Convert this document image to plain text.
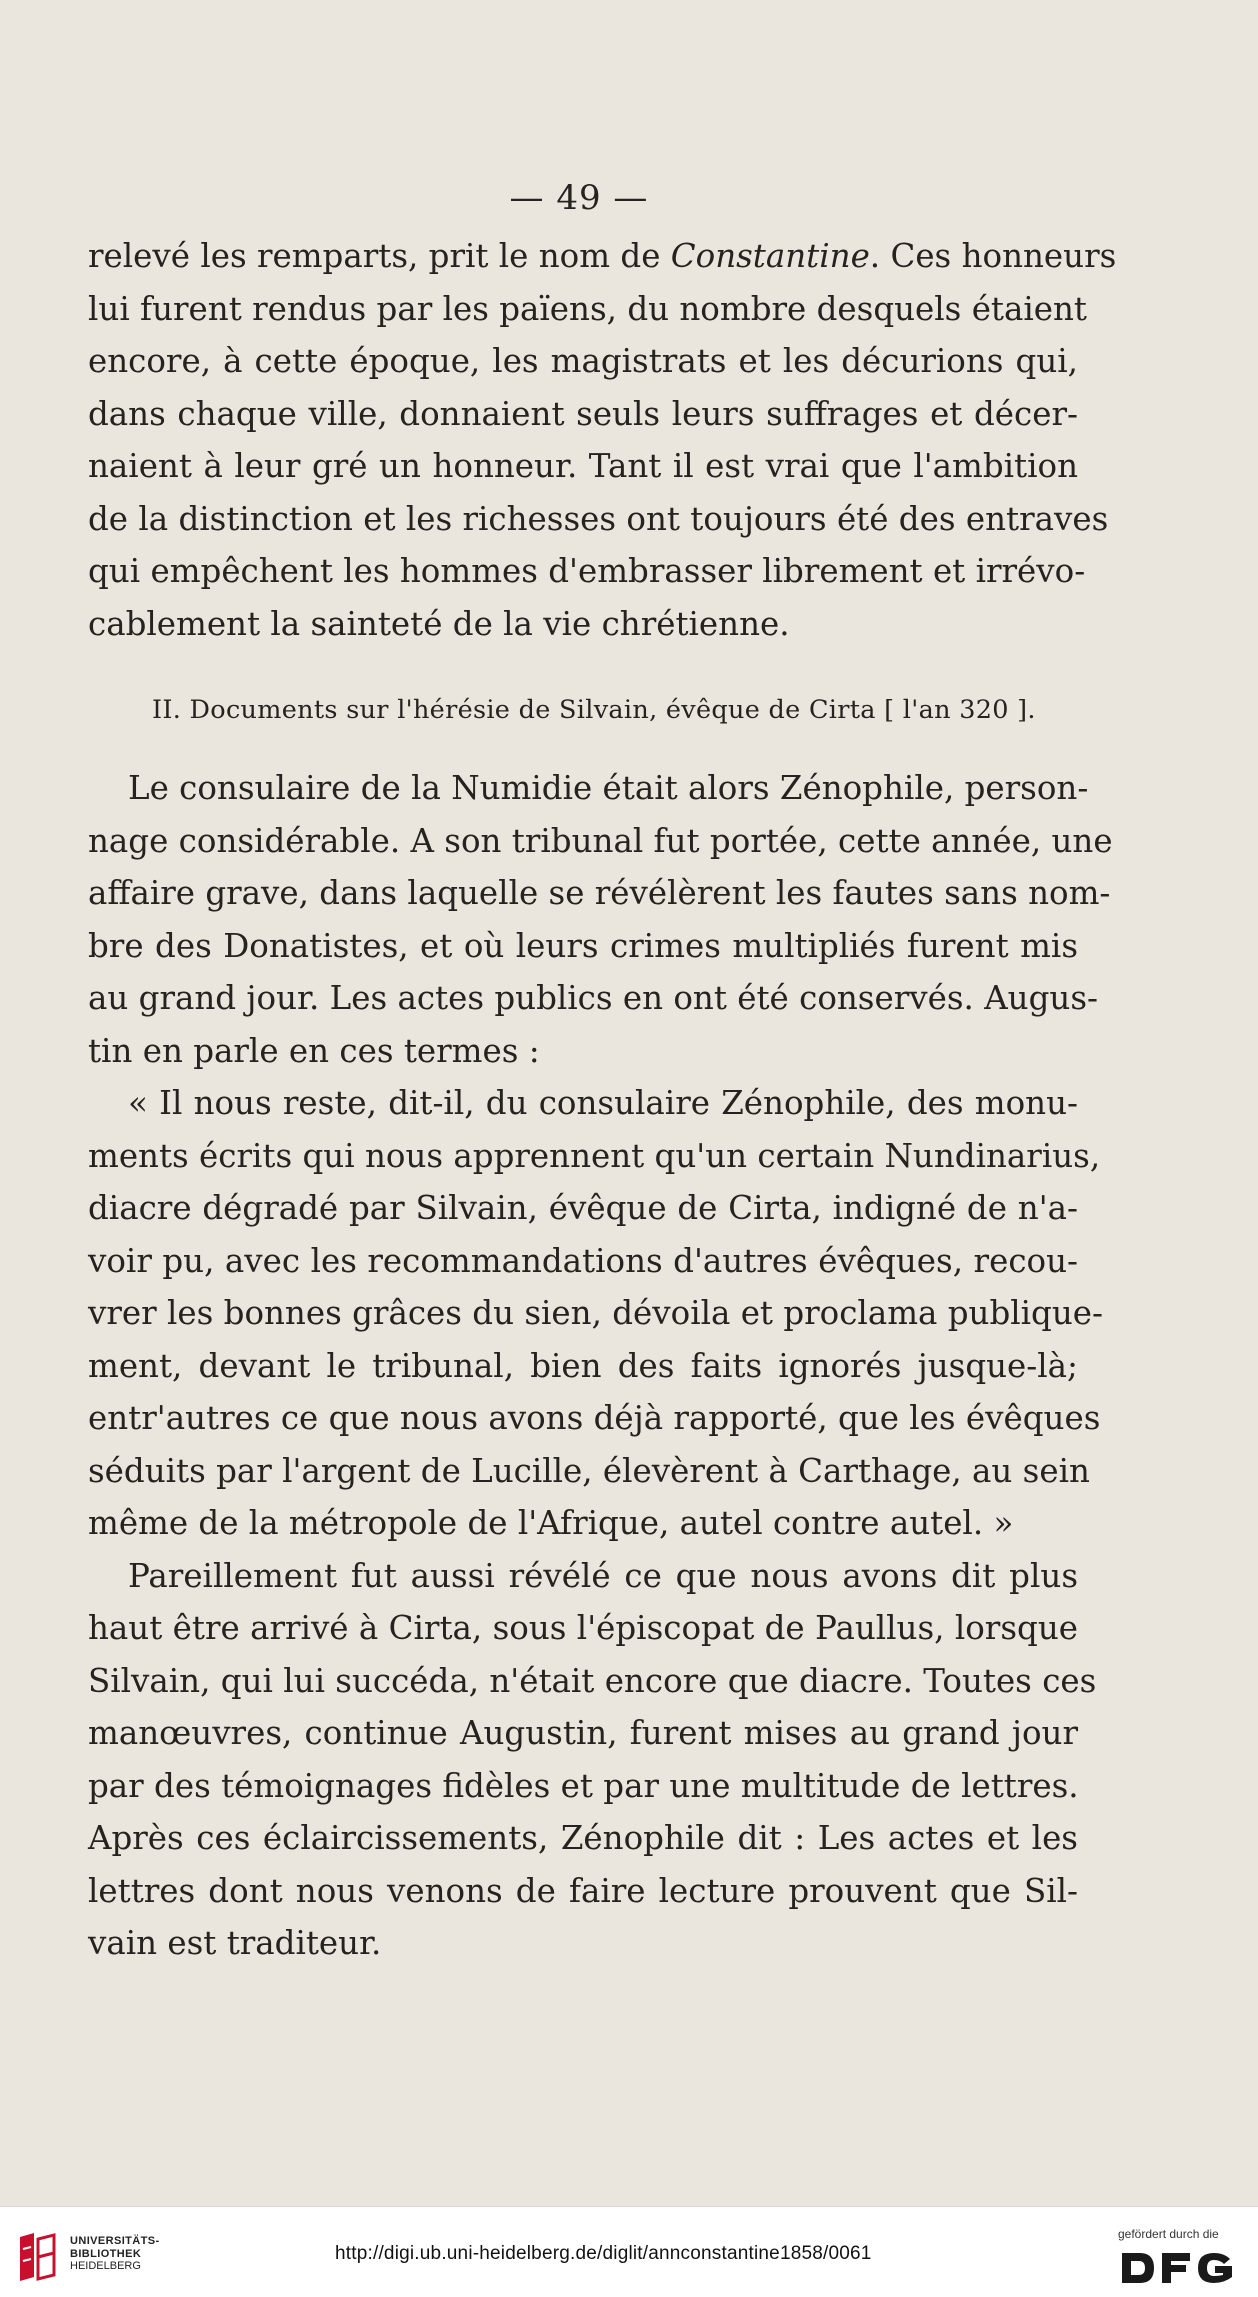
— 49 —
relevé les remparts, prit le nom de Constantine. Ces honneurs
lui furent rendus par les païens, du nombre desquels étaient
encore, à cette époque, les magistrats et les décurions qui,
dans chaque ville, donnaient seuls leurs suffrages et décer-
naient à leur gré un honneur. Tant il est vrai que l'ambition
de la distinction et les richesses ont toujours été des entraves
qui empêchent les hommes d'embrasser librement et irrévo-
cablement la sainteté de la vie chrétienne.
II. Documents sur l'hérésie de Silvain, évêque de Cirta [ l'an 320 ].
Le consulaire de la Numidie était alors Zénophile, person-
nage considérable. A son tribunal fut portée, cette année, une
affaire grave, dans laquelle se révélèrent les fautes sans nom-
bre des Donatistes, et où leurs crimes multipliés furent mis
au grand jour. Les actes publics en ont été conservés. Augus-
tin en parle en ces termes :
« Il nous reste, dit-il, du consulaire Zénophile, des monu-
ments écrits qui nous apprennent qu'un certain Nundinarius,
diacre dégradé par Silvain, évêque de Cirta, indigné de n'a-
voir pu, avec les recommandations d'autres évêques, recou-
vrer les bonnes grâces du sien, dévoila et proclama publique-
ment, devant le tribunal, bien des faits ignorés jusque-là;
entr'autres ce que nous avons déjà rapporté, que les évêques
séduits par l'argent de Lucille, élevèrent à Carthage, au sein
même de la métropole de l'Afrique, autel contre autel. »
Pareillement fut aussi révélé ce que nous avons dit plus
haut être arrivé à Cirta, sous l'épiscopat de Paullus, lorsque
Silvain, qui lui succéda, n'était encore que diacre. Toutes ces
manœuvres, continue Augustin, furent mises au grand jour
par des témoignages fidèles et par une multitude de lettres.
Après ces éclaircissements, Zénophile dit : Les actes et les
lettres dont nous venons de faire lecture prouvent que Sil-
vain est traditeur.
UNIVERSITÄTS-
BIBLIOTHEK
HEIDELBERG
http://digi.ub.uni-heidelberg.de/diglit/annconstantine1858/0061
gefördert durch die
